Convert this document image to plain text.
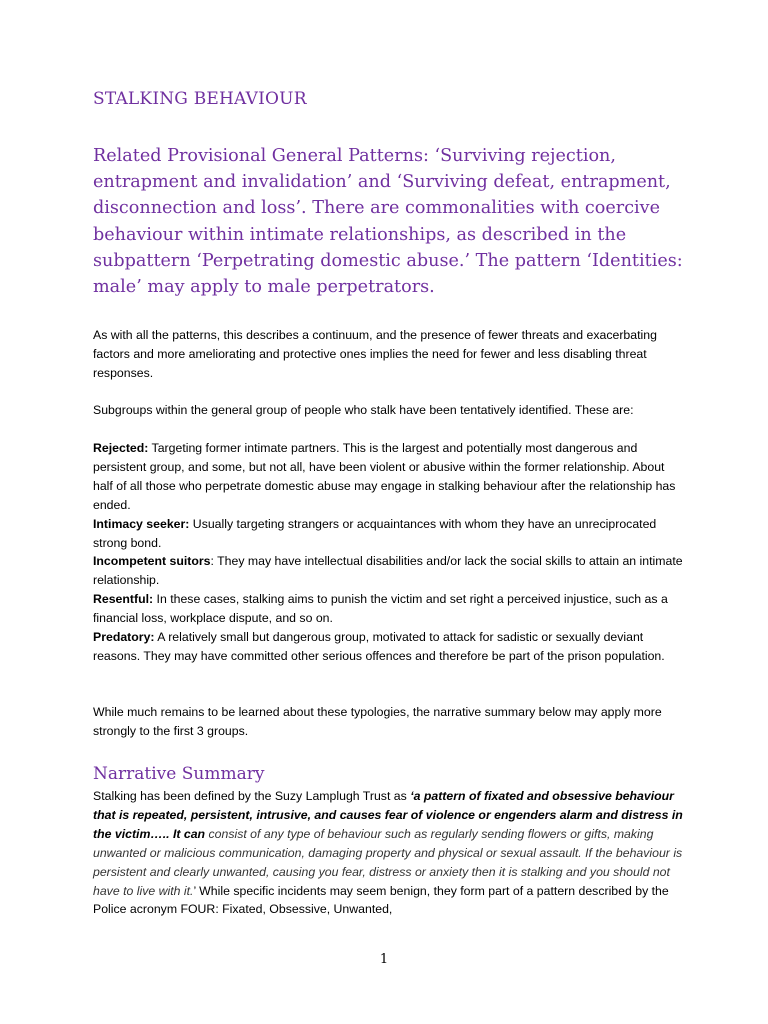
STALKING BEHAVIOUR
Related Provisional General Patterns: ‘Surviving rejection, entrapment and invalidation’ and ‘Surviving defeat, entrapment, disconnection and loss’. There are commonalities with coercive behaviour within intimate relationships, as described in the subpattern ‘Perpetrating domestic abuse.’ The pattern ‘Identities: male’ may apply to male perpetrators.

As with all the patterns, this describes a continuum, and the presence of fewer threats and exacerbating factors and more ameliorating and protective ones implies the need for fewer and less disabling threat responses.

Subgroups within the general group of people who stalk have been tentatively identified. These are:

Rejected: Targeting former intimate partners. This is the largest and potentially most dangerous and persistent group, and some, but not all, have been violent or abusive within the former relationship. About half of all those who perpetrate domestic abuse may engage in stalking behaviour after the relationship has ended.

Intimacy seeker: Usually targeting strangers or acquaintances with whom they have an unreciprocated strong bond.

Incompetent suitors: They may have intellectual disabilities and/or lack the social skills to attain an intimate relationship.

Resentful: In these cases, stalking aims to punish the victim and set right a perceived injustice, such as a financial loss, workplace dispute, and so on.

Predatory: A relatively small but dangerous group, motivated to attack for sadistic or sexually deviant reasons. They may have committed other serious offences and therefore be part of the prison population.

While much remains to be learned about these typologies, the narrative summary below may apply more strongly to the first 3 groups.

Narrative Summary

Stalking has been defined by the Suzy Lamplugh Trust as ‘a pattern of fixated and obsessive behaviour that is repeated, persistent, intrusive, and causes fear of violence or engenders alarm and distress in the victim….. It can consist of any type of behaviour such as regularly sending flowers or gifts, making unwanted or malicious communication, damaging property and physical or sexual assault. If the behaviour is persistent and clearly unwanted, causing you fear, distress or anxiety then it is stalking and you should not have to live with it.’ While specific incidents may seem benign, they form part of a pattern described by the Police acronym FOUR: Fixated, Obsessive, Unwanted,

1
